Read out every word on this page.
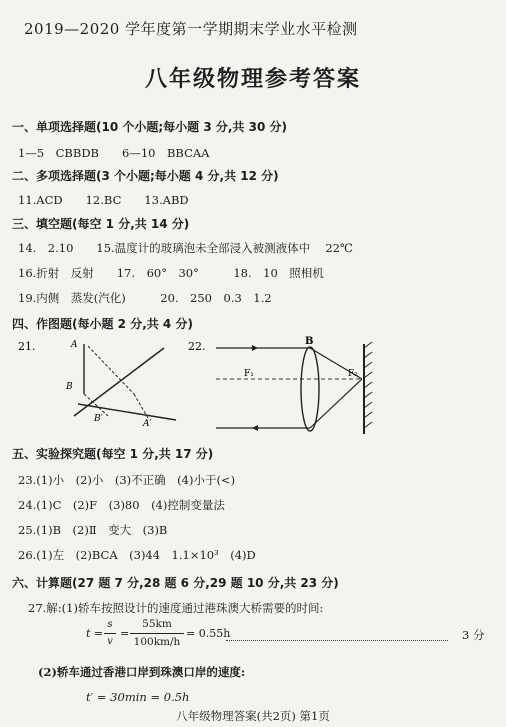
2019—2020 学年度第一学期期末学业水平检测
八年级物理参考答案
一、单项选择题(10 个小题;每小题 3 分,共 30 分)
1—5　CBBDB　　6—10　BBCAA
二、多项选择题(3 个小题;每小题 4 分,共 12 分)
11.ACD　　12.BC　　13.ABD
三、填空题(每空 1 分,共 14 分)
14.　2.10　　15.温度计的玻璃泡未全部浸入被测液体中　 22℃
16.折射　反射　　17.　60°　30°　　　18.　10　照相机
19.内侧　蒸发(汽化)　　　20.　250　0.3　1.2
四、作图题(每小题 2 分,共 4 分)
21.	A
B
B′	A′
22.	B
F₁	F₂
五、实验探究题(每空 1 分,共 17 分)
23.(1)小　(2)小　(3)不正确　(4)小于(<)
24.(1)C　(2)F　(3)80　(4)控制变量法
25.(1)B　(2)Ⅱ　变大　(3)B
26.(1)左　(2)BCA　(3)44　1.1×10³　(4)D
六、计算题(27 题 7 分,28 题 6 分,29 题 10 分,共 23 分)
27.解:(1)轿车按照设计的速度通过港珠澳大桥需要的时间:
t =
s
v
=
55km
100km/h
= 0.55h	3 分
(2)轿车通过香港口岸到珠澳口岸的速度:
t′ = 30min = 0.5h
八年级物理答案(共2页) 第1页
